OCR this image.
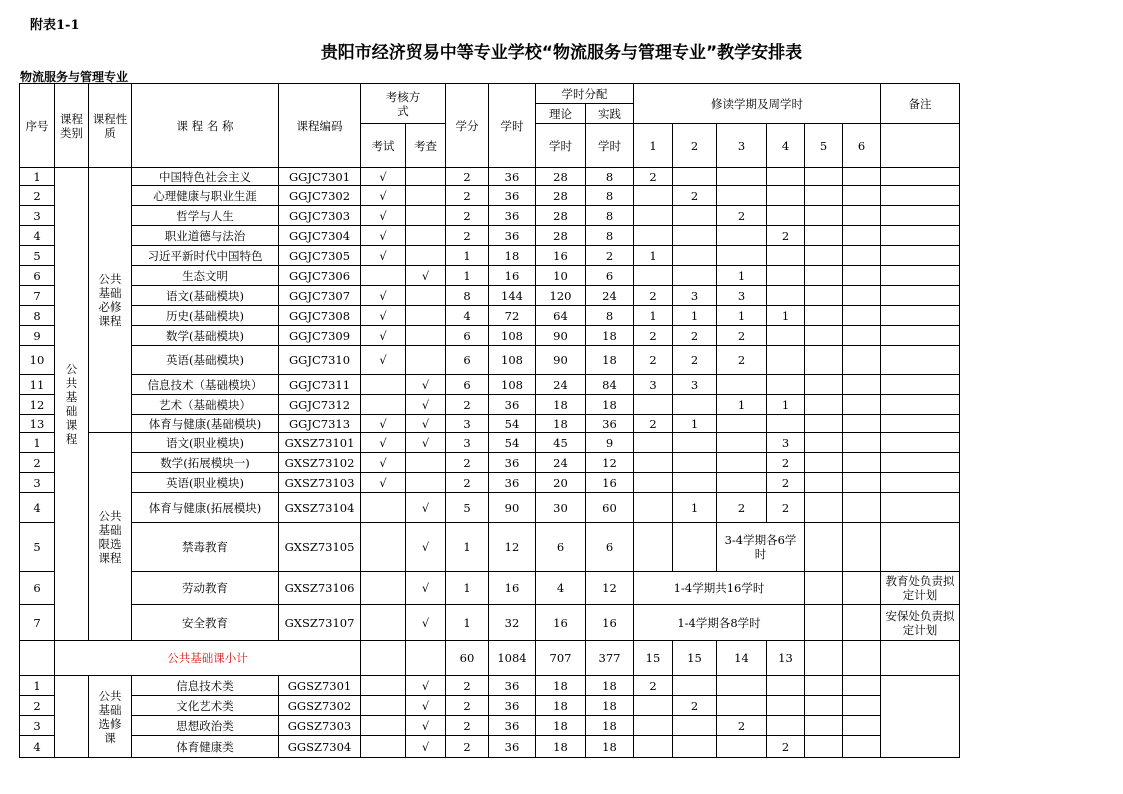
附表1-1
贵阳市经济贸易中等专业学校“物流服务与管理专业”教学安排表
物流服务与管理专业
序号	课程类别	课程性质	课 程 名 称	课程编码	考核方式		学分	学时	学时分配		修读学期及周学时						备注
									理论	实践							
					考试	考查			学时	学时	1	2	3	4	5	6	

1	公共基础课程	公共基础必修课程	中国特色社会主义	GGJC7301	√		2	36	28	8	2						
2			心理健康与职业生涯	GGJC7302	√		2	36	28	8		2					
3			哲学与人生	GGJC7303	√		2	36	28	8			2				
4			职业道德与法治	GGJC7304	√		2	36	28	8				2			
5			习近平新时代中国特色	GGJC7305	√		1	18	16	2	1						
6			生态文明	GGJC7306		√	1	16	10	6			1				
7			语文(基础模块)	GGJC7307	√		8	144	120	24	2	3	3				
8			历史(基础模块)	GGJC7308	√		4	72	64	8	1	1	1	1			
9			数学(基础模块)	GGJC7309	√		6	108	90	18	2	2	2				
10			英语(基础模块)	GGJC7310	√		6	108	90	18	2	2	2				
11			信息技术（基础模块）	GGJC7311		√	6	108	24	84	3	3					
12			艺术（基础模块）	GGJC7312		√	2	36	18	18			1	1			
13			体育与健康(基础模块)	GGJC7313	√	√	3	54	18	36	2	1					
1		公共基础限选课程	语文(职业模块)	GXSZ73101	√	√	3	54	45	9				3			
2			数学(拓展模块一)	GXSZ73102	√		2	36	24	12				2			
3			英语(职业模块)	GXSZ73103	√		2	36	20	16				2			
4			体育与健康(拓展模块)	GXSZ73104		√	5	90	30	60		1	2	2			
5			禁毒教育	GXSZ73105		√	1	12	6	6			3-4学期各6学时				
6			劳动教育	GXSZ73106		√	1	16	4	12	1-4学期共16学时						教育处负责拟定计划
7			安全教育	GXSZ73107		√	1	32	16	16	1-4学期各8学时						安保处负责拟定计划
	公共基础课小计						60	1084	707	377	15	15	14	13			
1		公共基础选修课	信息技术类	GGSZ7301		√	2	36	18	18	2						
2			文化艺术类	GGSZ7302		√	2	36	18	18		2					
3			思想政治类	GGSZ7303		√	2	36	18	18			2				
4			体育健康类	GGSZ7304		√	2	36	18	18				2			
